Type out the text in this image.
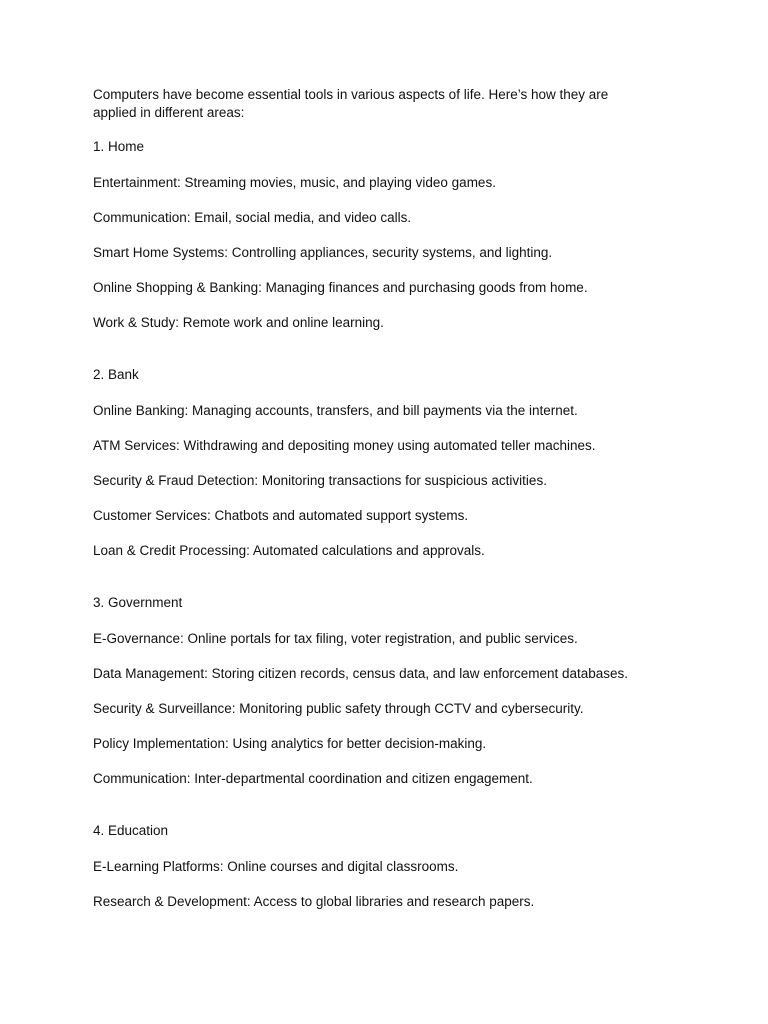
Computers have become essential tools in various aspects of life. Here’s how they are applied in different areas:

1. Home

Entertainment: Streaming movies, music, and playing video games.

Communication: Email, social media, and video calls.

Smart Home Systems: Controlling appliances, security systems, and lighting.

Online Shopping & Banking: Managing finances and purchasing goods from home.

Work & Study: Remote work and online learning.

2. Bank

Online Banking: Managing accounts, transfers, and bill payments via the internet.

ATM Services: Withdrawing and depositing money using automated teller machines.

Security & Fraud Detection: Monitoring transactions for suspicious activities.

Customer Services: Chatbots and automated support systems.

Loan & Credit Processing: Automated calculations and approvals.

3. Government

E-Governance: Online portals for tax filing, voter registration, and public services.

Data Management: Storing citizen records, census data, and law enforcement databases.

Security & Surveillance: Monitoring public safety through CCTV and cybersecurity.

Policy Implementation: Using analytics for better decision-making.

Communication: Inter-departmental coordination and citizen engagement.

4. Education

E-Learning Platforms: Online courses and digital classrooms.

Research & Development: Access to global libraries and research papers.
